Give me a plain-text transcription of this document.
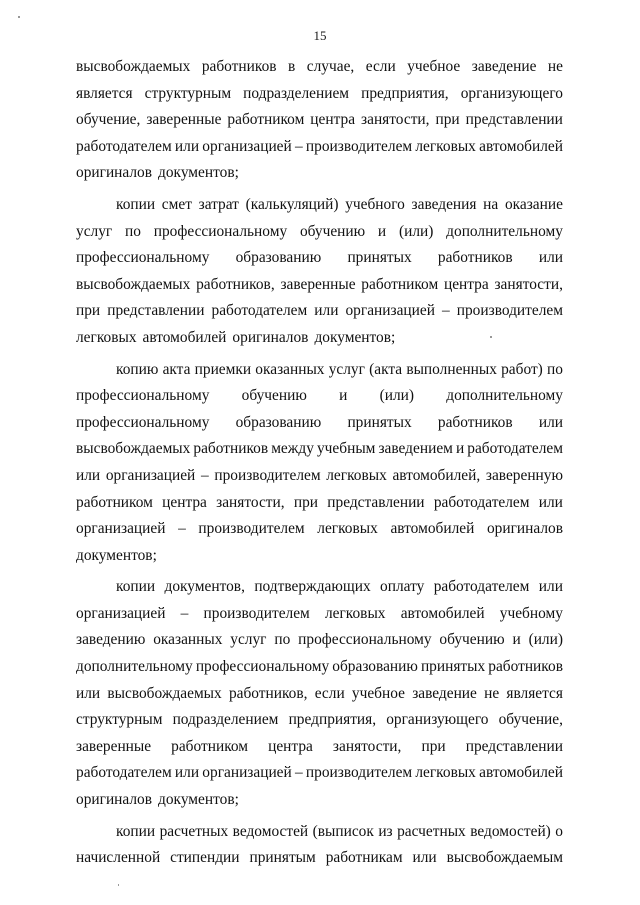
15
высвобождаемых работников в случае, если учебное заведение не
является структурным подразделением предприятия, организующего
обучение, заверенные работником центра занятости, при представлении
работодателем или организацией – производителем легковых автомобилей
оригиналов документов;
копии смет затрат (калькуляций) учебного заведения на оказание
услуг по профессиональному обучению и (или) дополнительному
профессиональному образованию принятых работников или
высвобождаемых работников, заверенные работником центра занятости,
при представлении работодателем или организацией – производителем
легковых автомобилей оригиналов документов;
копию акта приемки оказанных услуг (акта выполненных работ) по
профессиональному обучению и (или) дополнительному
профессиональному образованию принятых работников или
высвобождаемых работников между учебным заведением и работодателем
или организацией – производителем легковых автомобилей, заверенную
работником центра занятости, при представлении работодателем или
организацией – производителем легковых автомобилей оригиналов
документов;
копии документов, подтверждающих оплату работодателем или
организацией – производителем легковых автомобилей учебному
заведению оказанных услуг по профессиональному обучению и (или)
дополнительному профессиональному образованию принятых работников
или высвобождаемых работников, если учебное заведение не является
структурным подразделением предприятия, организующего обучение,
заверенные работником центра занятости, при представлении
работодателем или организацией – производителем легковых автомобилей
оригиналов документов;
копии расчетных ведомостей (выписок из расчетных ведомостей) о
начисленной стипендии принятым работникам или высвобождаемым
